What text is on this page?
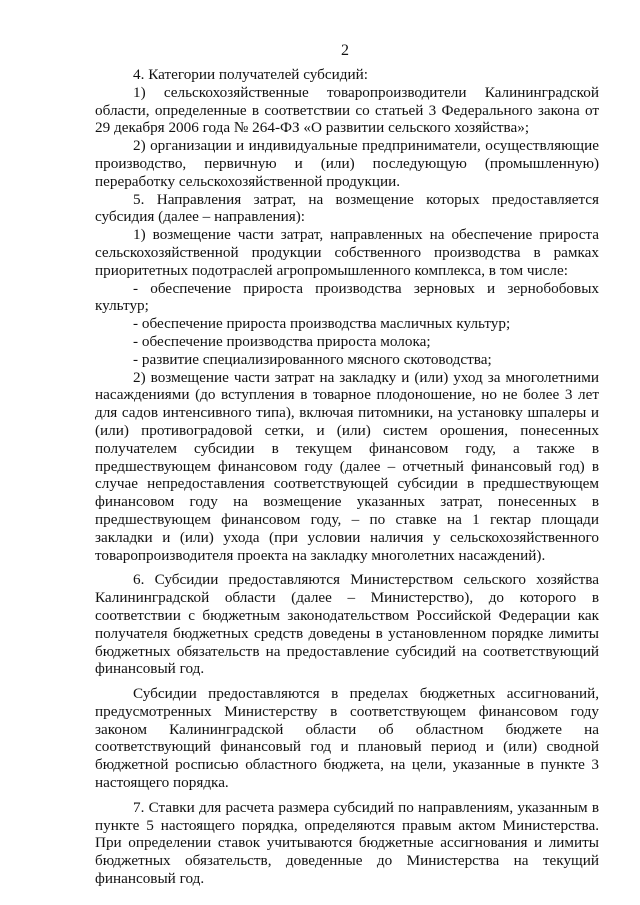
2

4. Категории получателей субсидий:

1) сельскохозяйственные товаропроизводители Калининградской области, определенные в соответствии со статьей 3 Федерального закона от 29 декабря 2006 года № 264-ФЗ «О развитии сельского хозяйства»;

2) организации и индивидуальные предприниматели, осуществляющие производство, первичную и (или) последующую (промышленную) переработку сельскохозяйственной продукции.

5. Направления затрат, на возмещение которых предоставляется субсидия (далее – направления):

1) возмещение части затрат, направленных на обеспечение прироста сельскохозяйственной продукции собственного производства в рамках приоритетных подотраслей агропромышленного комплекса, в том числе:

- обеспечение прироста производства зерновых и зернобобовых культур;

- обеспечение прироста производства масличных культур;

- обеспечение производства прироста молока;

- развитие специализированного мясного скотоводства;

2) возмещение части затрат на закладку и (или) уход за многолетними насаждениями (до вступления в товарное плодоношение, но не более 3 лет для садов интенсивного типа), включая питомники, на установку шпалеры и (или) противоградовой сетки, и (или) систем орошения, понесенных получателем субсидии в текущем финансовом году, а также в предшествующем финансовом году (далее – отчетный финансовый год) в случае непредоставления соответствующей субсидии в предшествующем финансовом году на возмещение указанных затрат, понесенных в предшествующем финансовом году, – по ставке на 1 гектар площади закладки и (или) ухода (при условии наличия у сельскохозяйственного товаропроизводителя проекта на закладку многолетних насаждений).

6. Субсидии предоставляются Министерством сельского хозяйства Калининградской области (далее – Министерство), до которого в соответствии с бюджетным законодательством Российской Федерации как получателя бюджетных средств доведены в установленном порядке лимиты бюджетных обязательств на предоставление субсидий на соответствующий финансовый год.

Субсидии предоставляются в пределах бюджетных ассигнований, предусмотренных Министерству в соответствующем финансовом году законом Калининградской области об областном бюджете на соответствующий финансовый год и плановый период и (или) сводной бюджетной росписью областного бюджета, на цели, указанные в пункте 3 настоящего порядка.

7. Ставки для расчета размера субсидий по направлениям, указанным в пункте 5 настоящего порядка, определяются правым актом Министерства. При определении ставок учитываются бюджетные ассигнования и лимиты бюджетных обязательств, доведенные до Министерства на текущий финансовый год.
